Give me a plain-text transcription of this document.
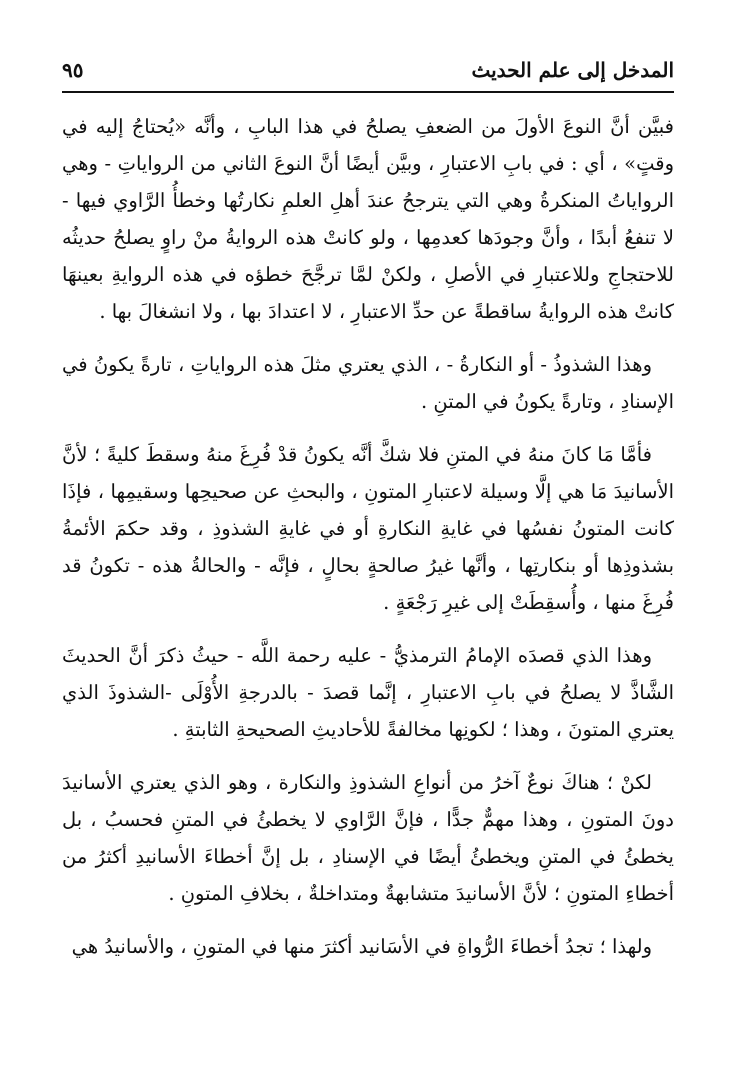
المدخل إلى علم الحديث
٩٥

فبيَّن أنَّ النوعَ الأولَ من الضعفِ يصلحُ في هذا البابِ ، وأنَّه «يُحتاجُ إليه في وقتٍ» ، أي : في بابِ الاعتبارِ ، وبيَّن أيضًا أنَّ النوعَ الثاني من الرواياتِ - وهي الرواياتُ المنكرةُ وهي التي يترجحُ عندَ أهلِ العلمِ نكارتُها وخطأُ الرَّاوي فيها - لا تنفعُ أبدًا ، وأنَّ وجودَها كعدمِها ، ولو كانتْ هذه الروايةُ منْ راوٍ يصلحُ حديثُه للاحتجاجِ وللاعتبارِ في الأصلِ ، ولكنْ لمَّا ترجَّحَ خطؤه في هذه الروايةِ بعينهَا كانتْ هذه الروايةُ ساقطةً عن حدِّ الاعتبارِ ، لا اعتدادَ بها ، ولا انشغالَ بها .

وهذا الشذوذُ - أو النكارةُ - ، الذي يعتري مثلَ هذه الرواياتِ ، تارةً يكونُ في الإسنادِ ، وتارةً يكونُ في المتنِ .

فأمَّا مَا كانَ منهُ في المتنِ فلا شكَّ أنَّه يكونُ قدْ فُرِغَ منهُ وسقطَ كليةً ؛ لأنَّ الأسانيدَ مَا هي إلَّا وسيلة لاعتبارِ المتونِ ، والبحثِ عن صحيحِها وسقيمِها ، فإذَا كانت المتونُ نفسُها في غايةِ النكارةِ أو في غايةِ الشذوذِ ، وقد حكمَ الأئمةُ بشذوذِها أو بنكارتِها ، وأنَّها غيرُ صالحةٍ بحالٍ ، فإنَّه - والحالةُ هذه - تكونُ قد فُرِغَ منها ، وأُسقِطَتْ إلى غيرِ رَجْعَةٍ .

وهذا الذي قصدَه الإمامُ الترمذيُّ - عليه رحمة اللَّه - حيثُ ذكرَ أنَّ الحديثَ الشَّاذَّ لا يصلحُ في بابِ الاعتبارِ ، إنَّما قصدَ - بالدرجةِ الأُوْلَى -الشذوذَ الذي يعتري المتونَ ، وهذا ؛ لكونِها مخالفةً للأحاديثِ الصحيحةِ الثابتةِ .

لكنْ ؛ هناكَ نوعٌ آخرُ من أنواعِ الشذوذِ والنكارة ، وهو الذي يعتري الأسانيدَ دونَ المتونِ ، وهذا مهمٌّ جدًّا ، فإنَّ الرَّاوي لا يخطئُ في المتنِ فحسبُ ، بل يخطئُ في المتنِ ويخطئُ أيضًا في الإسنادِ ، بل إنَّ أخطاءَ الأسانيدِ أكثرُ من أخطاءِ المتونِ ؛ لأنَّ الأسانيدَ متشابهةٌ ومتداخلةٌ ، بخلافِ المتونِ .

ولهذا ؛ تجدُ أخطاءَ الرُّواةِ في الأسَانيد أكثرَ منها في المتونِ ، والأسانيدُ هي
